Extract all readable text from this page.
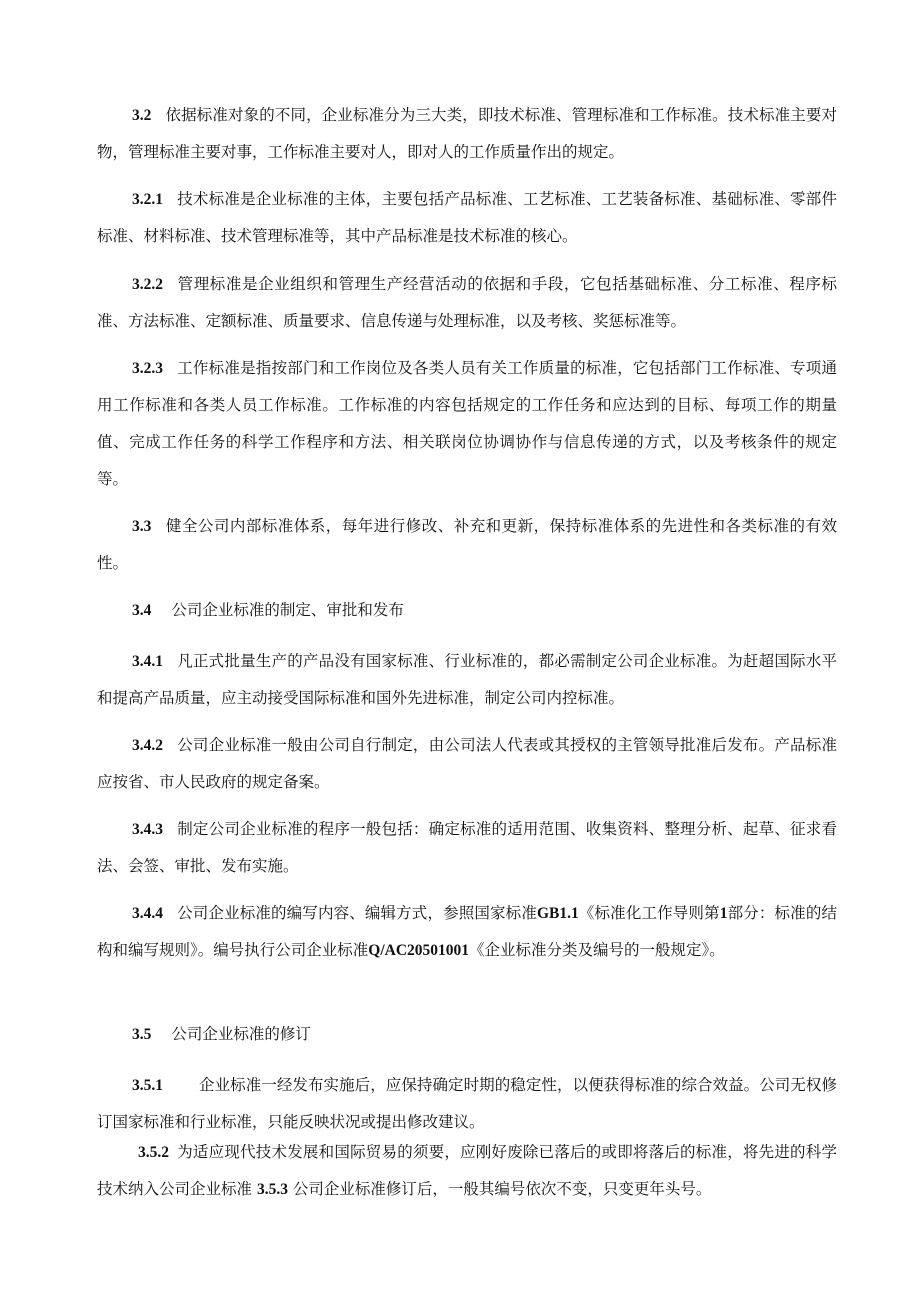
3.2 依据标准对象的不同，企业标准分为三大类，即技术标准、管理标准和工作标准。技术标准主要对物，管理标准主要对事，工作标准主要对人，即对人的工作质量作出的规定。

3.2.1 技术标准是企业标准的主体，主要包括产品标准、工艺标准、工艺装备标准、基础标准、零部件标准、材料标准、技术管理标准等，其中产品标准是技术标准的核心。

3.2.2 管理标准是企业组织和管理生产经营活动的依据和手段，它包括基础标准、分工标准、程序标准、方法标准、定额标准、质量要求、信息传递与处理标准，以及考核、奖惩标准等。

3.2.3 工作标准是指按部门和工作岗位及各类人员有关工作质量的标准，它包括部门工作标准、专项通用工作标准和各类人员工作标准。工作标准的内容包括规定的工作任务和应达到的目标、每项工作的期量值、完成工作任务的科学工作程序和方法、相关联岗位协调协作与信息传递的方式，以及考核条件的规定等。

3.3 健全公司内部标准体系，每年进行修改、补充和更新，保持标准体系的先进性和各类标准的有效性。

3.4 公司企业标准的制定、审批和发布

3.4.1 凡正式批量生产的产品没有国家标准、行业标准的，都必需制定公司企业标准。为赶超国际水平和提高产品质量，应主动接受国际标准和国外先进标准，制定公司内控标准。

3.4.2 公司企业标准一般由公司自行制定，由公司法人代表或其授权的主管领导批准后发布。产品标准应按省、市人民政府的规定备案。

3.4.3 制定公司企业标准的程序一般包括：确定标准的适用范围、收集资料、整理分析、起草、征求看法、会签、审批、发布实施。

3.4.4 公司企业标准的编写内容、编辑方式，参照国家标准GB1.1《标准化工作导则第1部分：标准的结构和编写规则》。编号执行公司企业标准Q/AC20501001《企业标准分类及编号的一般规定》。

3.5 公司企业标准的修订

3.5.1 企业标准一经发布实施后，应保持确定时期的稳定性，以便获得标准的综合效益。公司无权修订国家标准和行业标准，只能反映状况或提出修改建议。

3.5.2 为适应现代技术发展和国际贸易的须要，应刚好废除已落后的或即将落后的标准，将先进的科学技术纳入公司企业标准 3.5.3 公司企业标准修订后，一般其编号依次不变，只变更年头号。
